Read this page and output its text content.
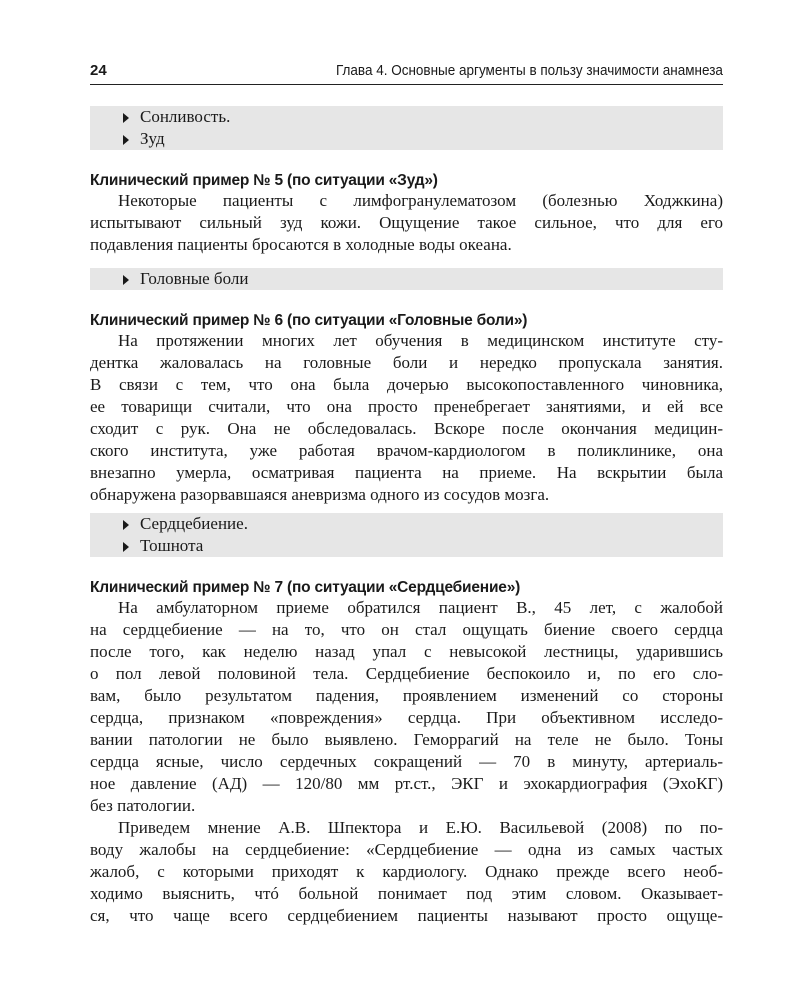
24	Глава 4. Основные аргументы в пользу значимости анамнеза
Сонливость.
Зуд
Клинический пример № 5 (по ситуации «Зуд»)
Некоторые пациенты с лимфогранулематозом (болезнью Ходжкина)
испытывают сильный зуд кожи. Ощущение такое сильное, что для его
подавления пациенты бросаются в холодные воды океана.
Головные боли
Клинический пример № 6 (по ситуации «Головные боли»)
На протяжении многих лет обучения в медицинском институте сту-
дентка жаловалась на головные боли и нередко пропускала занятия.
В связи с тем, что она была дочерью высокопоставленного чиновника,
ее товарищи считали, что она просто пренебрегает занятиями, и ей все
сходит с рук. Она не обследовалась. Вскоре после окончания медицин-
ского института, уже работая врачом-кардиологом в поликлинике, она
внезапно умерла, осматривая пациента на приеме. На вскрытии была
обнаружена разорвавшаяся аневризма одного из сосудов мозга.
Сердцебиение.
Тошнота
Клинический пример № 7 (по ситуации «Сердцебиение»)
На амбулаторном приеме обратился пациент В., 45 лет, с жалобой
на сердцебиение — на то, что он стал ощущать биение своего сердца
после того, как неделю назад упал с невысокой лестницы, ударившись
о пол левой половиной тела. Сердцебиение беспокоило и, по его сло-
вам, было результатом падения, проявлением изменений со стороны
сердца, признаком «повреждения» сердца. При объективном исследо-
вании патологии не было выявлено. Геморрагий на теле не было. Тоны
сердца ясные, число сердечных сокращений — 70 в минуту, артериаль-
ное давление (АД) — 120/80 мм рт.ст., ЭКГ и эхокардиография (ЭхоКГ)
без патологии.
Приведем мнение А.В. Шпектора и Е.Ю. Васильевой (2008) по по-
воду жалобы на сердцебиение: «Сердцебиение — одна из самых частых
жалоб, с которыми приходят к кардиологу. Однако прежде всего необ-
ходимо выяснить, чтó больной понимает под этим словом. Оказывает-
ся, что чаще всего сердцебиением пациенты называют просто ощуще-
